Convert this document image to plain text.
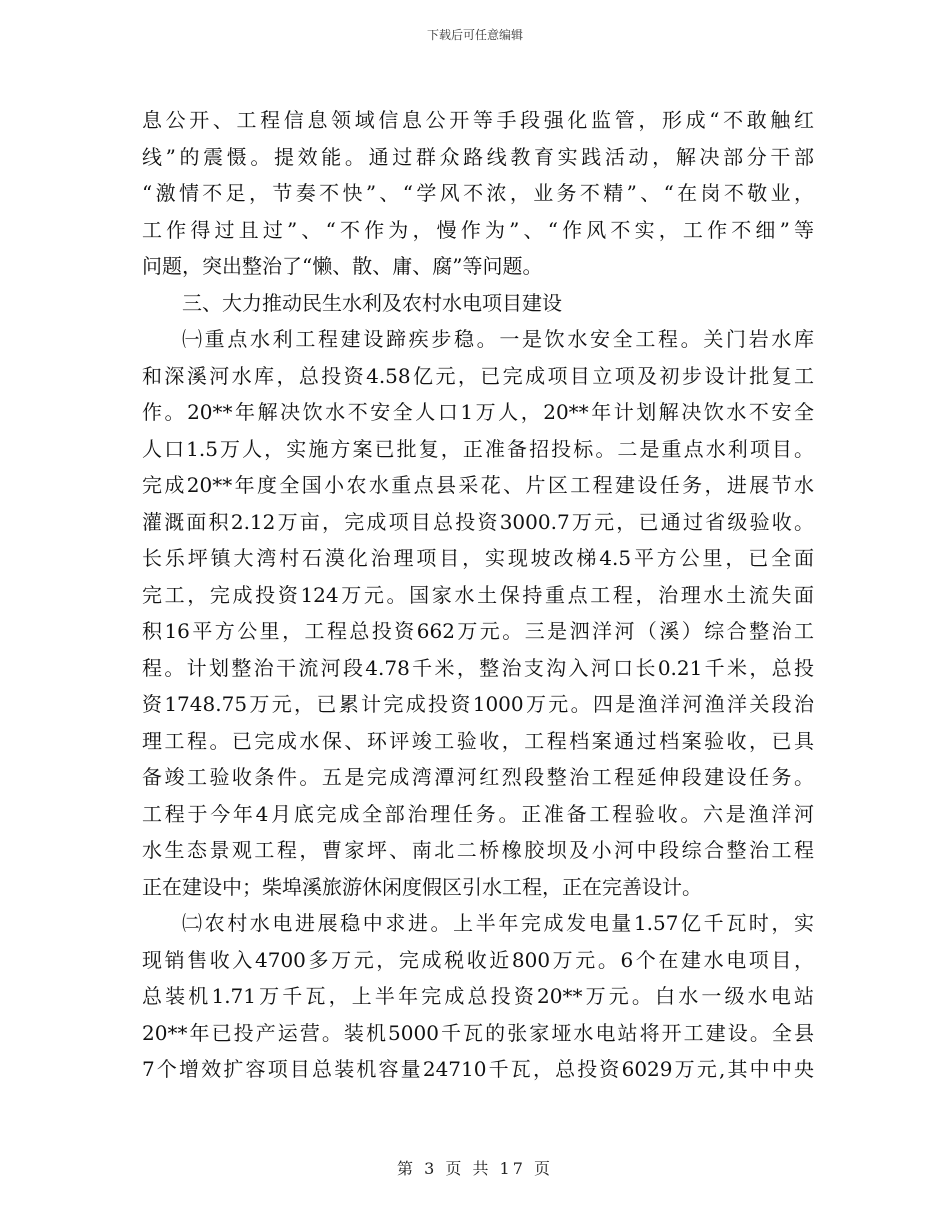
下载后可任意编辑
息公开、工程信息领域信息公开等手段强化监管，形成“不敢触红
线”的震慑。提效能。通过群众路线教育实践活动，解决部分干部
“激情不足，节奏不快”、“学风不浓，业务不精”、“在岗不敬业，
工作得过且过”、“不作为，慢作为”、“作风不实，工作不细”等
问题，突出整治了“懒、散、庸、腐”等问题。
三、大力推动民生水利及农村水电项目建设
㈠重点水利工程建设蹄疾步稳。一是饮水安全工程。关门岩水库
和深溪河水库，总投资4.58亿元，已完成项目立项及初步设计批复工
作。20**年解决饮水不安全人口1万人，20**年计划解决饮水不安全
人口1.5万人，实施方案已批复，正准备招投标。二是重点水利项目。
完成20**年度全国小农水重点县采花、片区工程建设任务，进展节水
灌溉面积2.12万亩，完成项目总投资3000.7万元，已通过省级验收。
长乐坪镇大湾村石漠化治理项目，实现坡改梯4.5平方公里，已全面
完工，完成投资124万元。国家水土保持重点工程，治理水土流失面
积16平方公里，工程总投资662万元。三是泗洋河（溪）综合整治工
程。计划整治干流河段4.78千米，整治支沟入河口长0.21千米，总投
资1748.75万元，已累计完成投资1000万元。四是渔洋河渔洋关段治
理工程。已完成水保、环评竣工验收，工程档案通过档案验收，已具
备竣工验收条件。五是完成湾潭河红烈段整治工程延伸段建设任务。
工程于今年4月底完成全部治理任务。正准备工程验收。六是渔洋河
水生态景观工程，曹家坪、南北二桥橡胶坝及小河中段综合整治工程
正在建设中；柴埠溪旅游休闲度假区引水工程，正在完善设计。
㈡农村水电进展稳中求进。上半年完成发电量1.57亿千瓦时，实
现销售收入4700多万元，完成税收近800万元。6个在建水电项目，
总装机1.71万千瓦，上半年完成总投资20**万元。白水一级水电站
20**年已投产运营。装机5000千瓦的张家垭水电站将开工建设。全县
7个增效扩容项目总装机容量24710千瓦，总投资6029万元,其中中央
第 3 页 共 17 页
